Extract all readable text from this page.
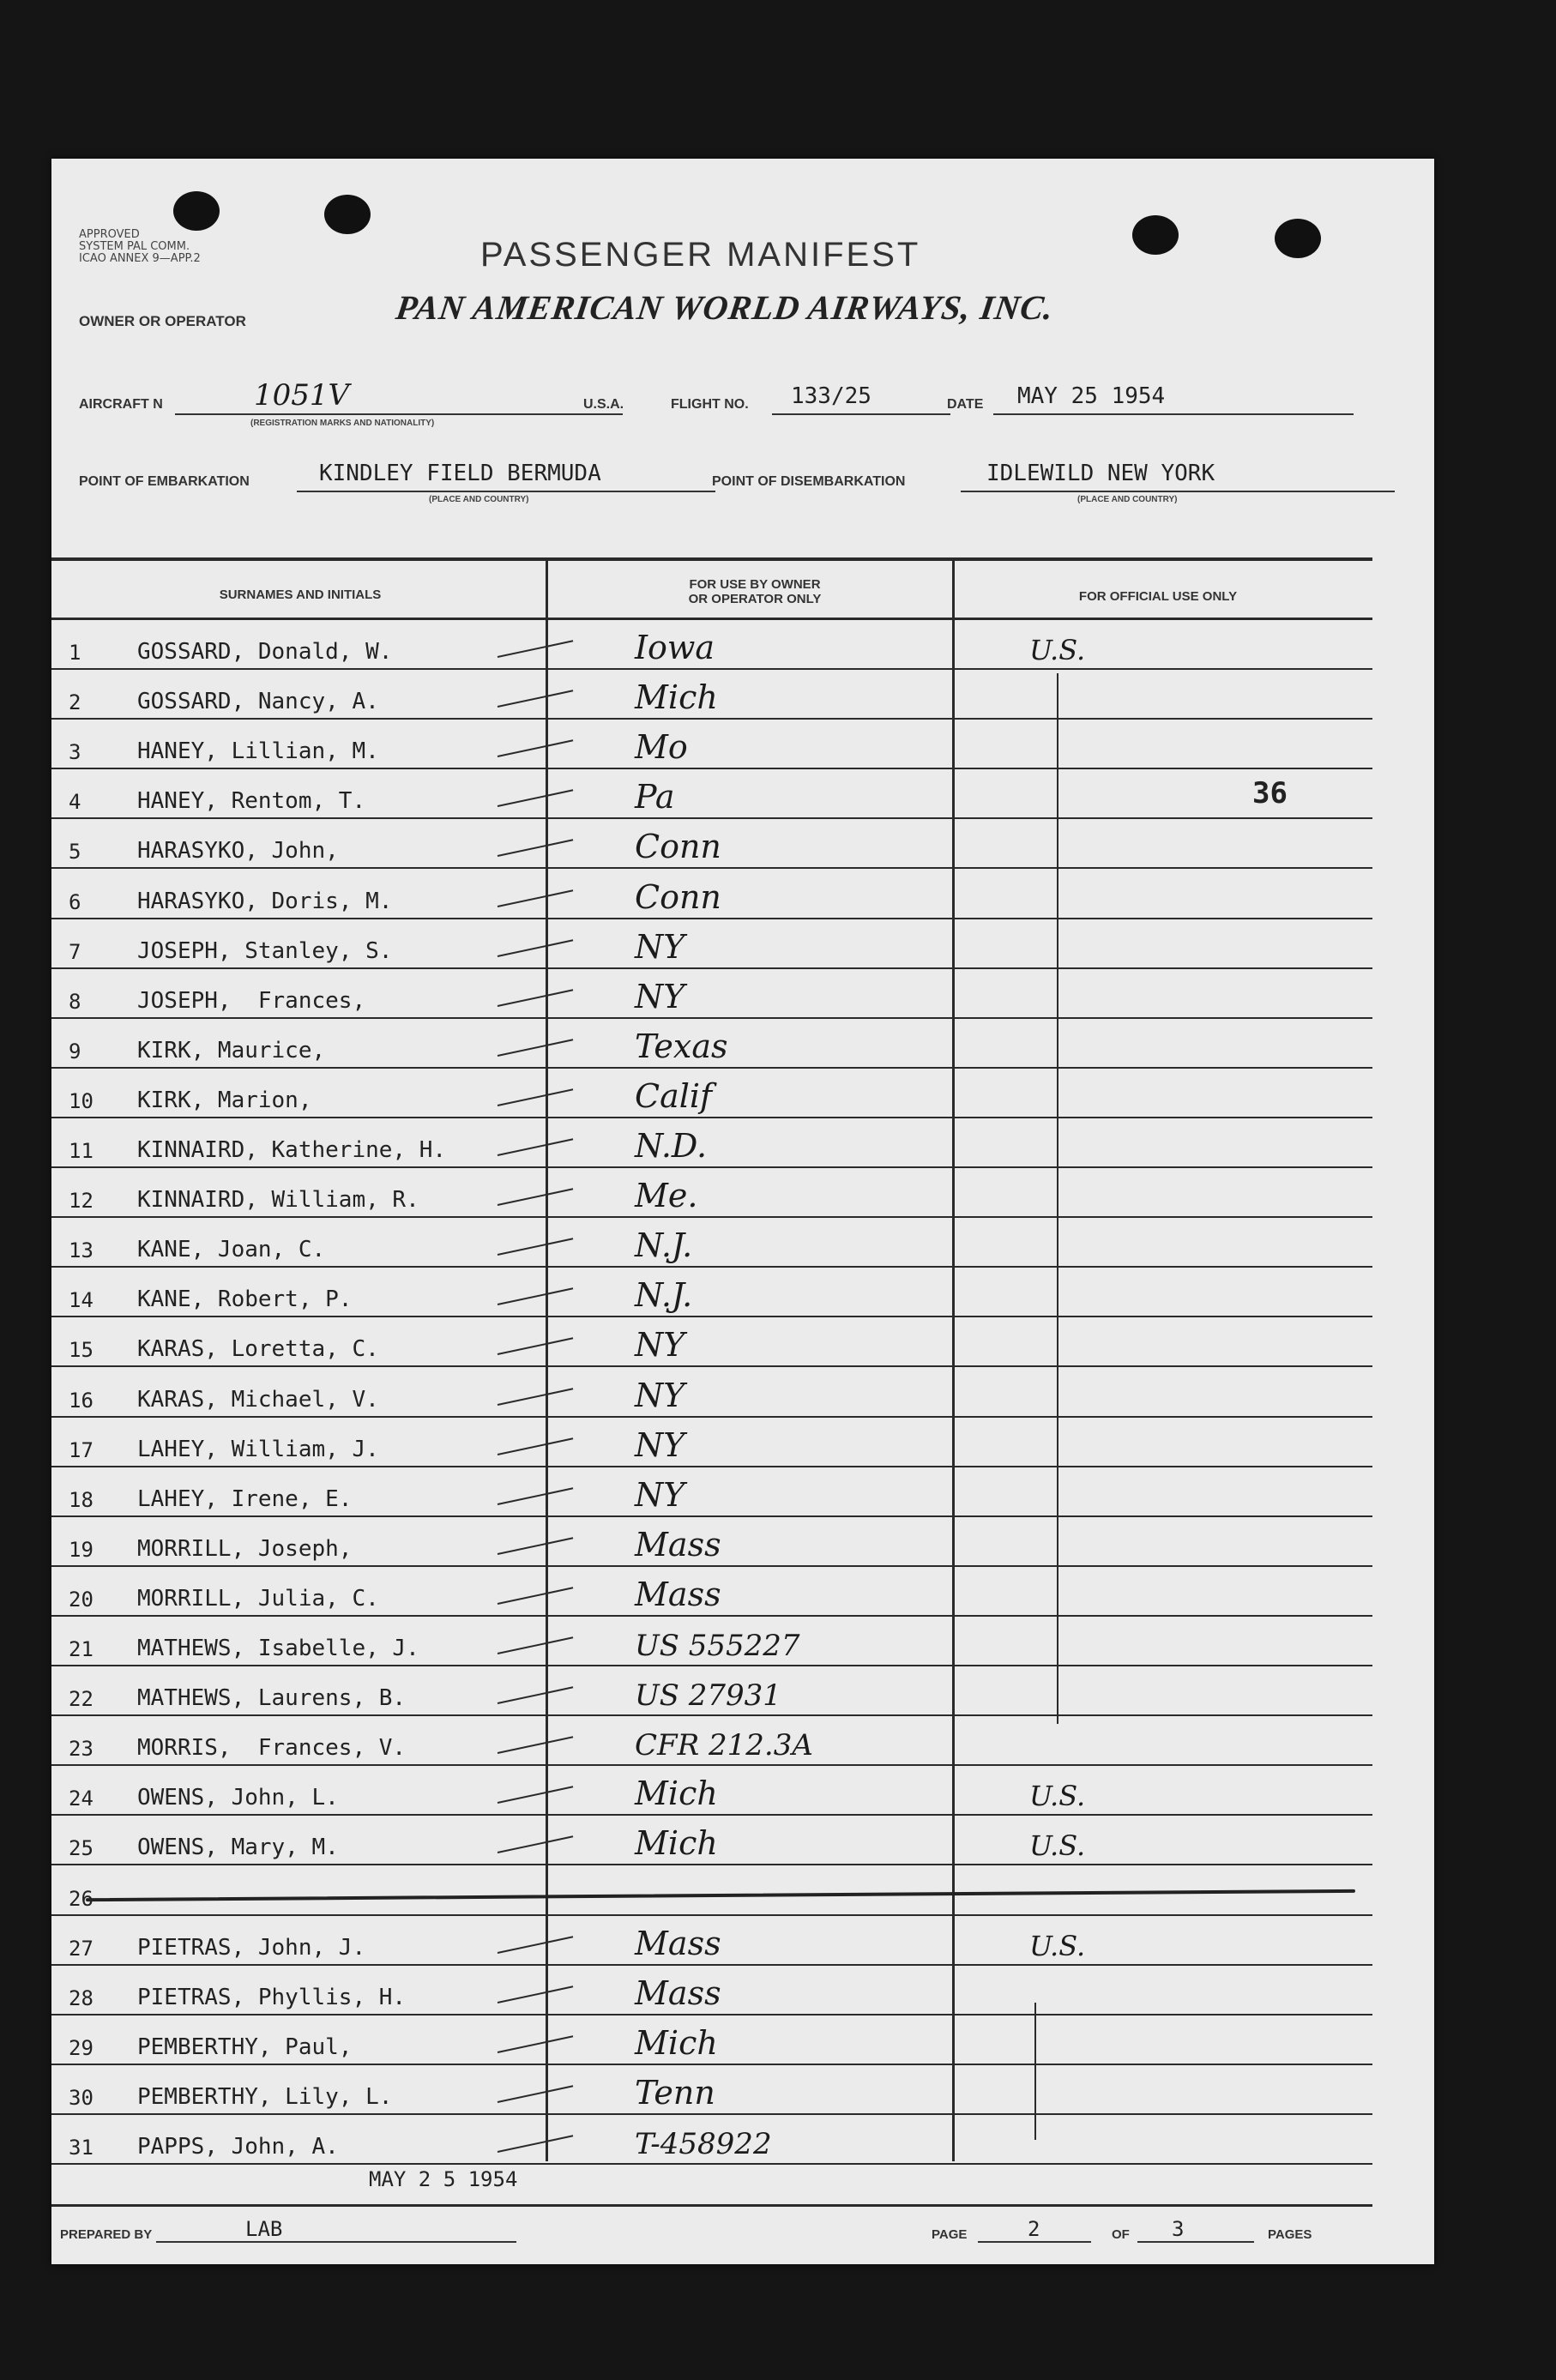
APPROVED
SYSTEM PAL COMM.
ICAO ANNEX 9—APP.2	PASSENGER MANIFEST
OWNER OR OPERATOR	PAN AMERICAN WORLD AIRWAYS, INC.
AIRCRAFT N	1051V
(REGISTRATION MARKS AND NATIONALITY)
U.S.A.	FLIGHT NO. 133/25	DATE MAY 25 1954
POINT OF EMBARKATION	KINDLEY FIELD BERMUDA
(PLACE AND COUNTRY)
POINT OF DISEMBARKATION	IDLEWILD NEW YORK
(PLACE AND COUNTRY)
SURNAMES AND INITIALS
FOR USE BY OWNER
OR OPERATOR ONLY	FOR OFFICIAL USE ONLY
1	GOSSARD, Donald, W.	Iowa	U.S.
2	GOSSARD, Nancy, A.	Mich
3	HANEY, Lillian, M.	Mo
4	HANEY, Rentom, T.	Pa	36
5	HARASYKO, John,	Conn
6	HARASYKO, Doris, M.	Conn
7	JOSEPH, Stanley, S.	NY
8	JOSEPH,  Frances,	NY
9	KIRK, Maurice,	Texas
10 KIRK, Marion,	Calif
11 KINNAIRD, Katherine, H.	N.D.
12 KINNAIRD, William, R.	Me.
13 KANE, Joan, C.	N.J.
14 KANE, Robert, P.	N.J.
15 KARAS, Loretta, C.	NY
16 KARAS, Michael, V.	NY
17 LAHEY, William, J.	NY
18 LAHEY, Irene, E.	NY
19 MORRILL, Joseph,	Mass
20 MORRILL, Julia, C.	Mass
21 MATHEWS, Isabelle, J.	US 555227
22 MATHEWS, Laurens, B.	US 27931
23 MORRIS,  Frances, V.	CFR 212.3A
24 OWENS, John, L.	Mich	U.S.
25 OWENS, Mary, M.	Mich	U.S.
26
27 PIETRAS, John, J.	Mass	U.S.
28 PIETRAS, Phyllis, H.	Mass
29 PEMBERTHY, Paul,	Mich
30 PEMBERTHY, Lily, L.	Tenn
31 PAPPS, John, A.	T-458922
MAY 2 5 1954
PREPARED BY	LAB	PAGE	2	OF 3	PAGES
